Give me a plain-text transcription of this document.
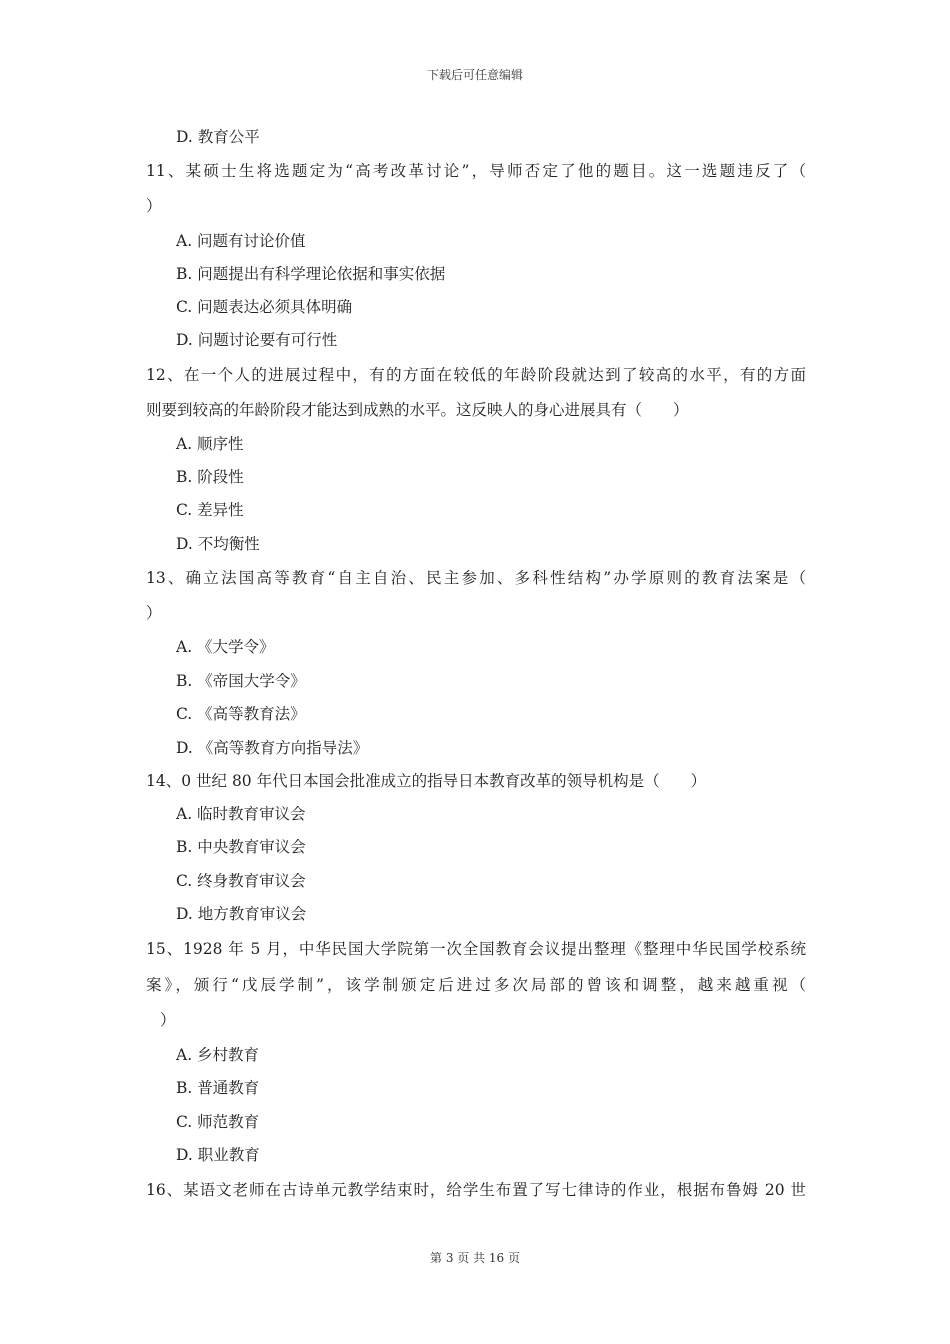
下载后可任意编辑
D. 教育公平
11、某硕士生将选题定为“高考改革讨论”，导师否定了他的题目。这一选题违反了（
）
A. 问题有讨论价值
B. 问题提出有科学理论依据和事实依据
C. 问题表达必须具体明确
D. 问题讨论要有可行性
12、在一个人的进展过程中，有的方面在较低的年龄阶段就达到了较高的水平，有的方面
则要到较高的年龄阶段才能达到成熟的水平。这反映人的身心进展具有（　　）
A. 顺序性
B. 阶段性
C. 差异性
D. 不均衡性
13、确立法国高等教育“自主自治、民主参加、多科性结构”办学原则的教育法案是（
）
A. 《大学令》
B. 《帝国大学令》
C. 《高等教育法》
D. 《高等教育方向指导法》
14、0 世纪 80 年代日本国会批准成立的指导日本教育改革的领导机构是（　　）
A. 临时教育审议会
B. 中央教育审议会
C. 终身教育审议会
D. 地方教育审议会
15、1928 年 5 月，中华民国大学院第一次全国教育会议提出整理《整理中华民国学校系统
案》，颁行“戊辰学制”，该学制颁定后进过多次局部的曾该和调整，越来越重视（
）
A. 乡村教育
B. 普通教育
C. 师范教育
D. 职业教育
16、某语文老师在古诗单元教学结束时，给学生布置了写七律诗的作业，根据布鲁姆 20 世
第 3 页 共 16 页
